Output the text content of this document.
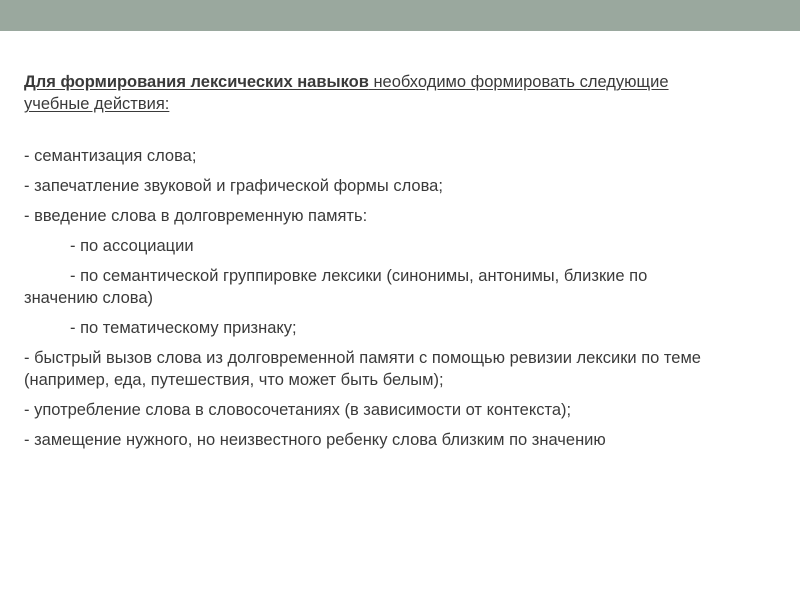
Для формирования лексических навыков необходимо формировать следующие учебные действия:

- семантизация слова;

- запечатление звуковой и графической формы слова;

- введение слова в долговременную память:

- по ассоциации

- по семантической группировке лексики (синонимы, антонимы, близкие по значению слова)

- по тематическому признаку;

- быстрый вызов слова из долговременной памяти с помощью ревизии лексики по теме (например, еда, путешествия, что может быть белым);

- употребление слова в словосочетаниях (в зависимости от контекста);

- замещение нужного, но неизвестного ребенку слова близким по значению
